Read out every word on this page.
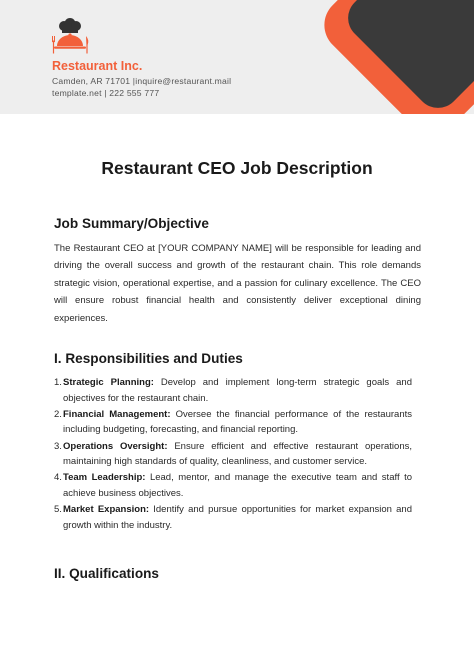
Restaurant Inc.
Camden, AR 71701 |inquire@restaurant.mail
template.net | 222 555 777
Restaurant CEO Job Description
Job Summary/Objective

The Restaurant CEO at [YOUR COMPANY NAME] will be responsible for leading and driving the overall success and growth of the restaurant chain. This role demands strategic vision, operational expertise, and a passion for culinary excellence. The CEO will ensure robust financial health and consistently deliver exceptional dining experiences.

I. Responsibilities and Duties
1. Strategic Planning: Develop and implement long-term strategic goals and objectives for the restaurant chain.
2. Financial Management: Oversee the financial performance of the restaurants including budgeting, forecasting, and financial reporting.
3. Operations Oversight: Ensure efficient and effective restaurant operations, maintaining high standards of quality, cleanliness, and customer service.
4. Team Leadership: Lead, mentor, and manage the executive team and staff to achieve business objectives.
5. Market Expansion: Identify and pursue opportunities for market expansion and growth within the industry.
II. Qualifications
